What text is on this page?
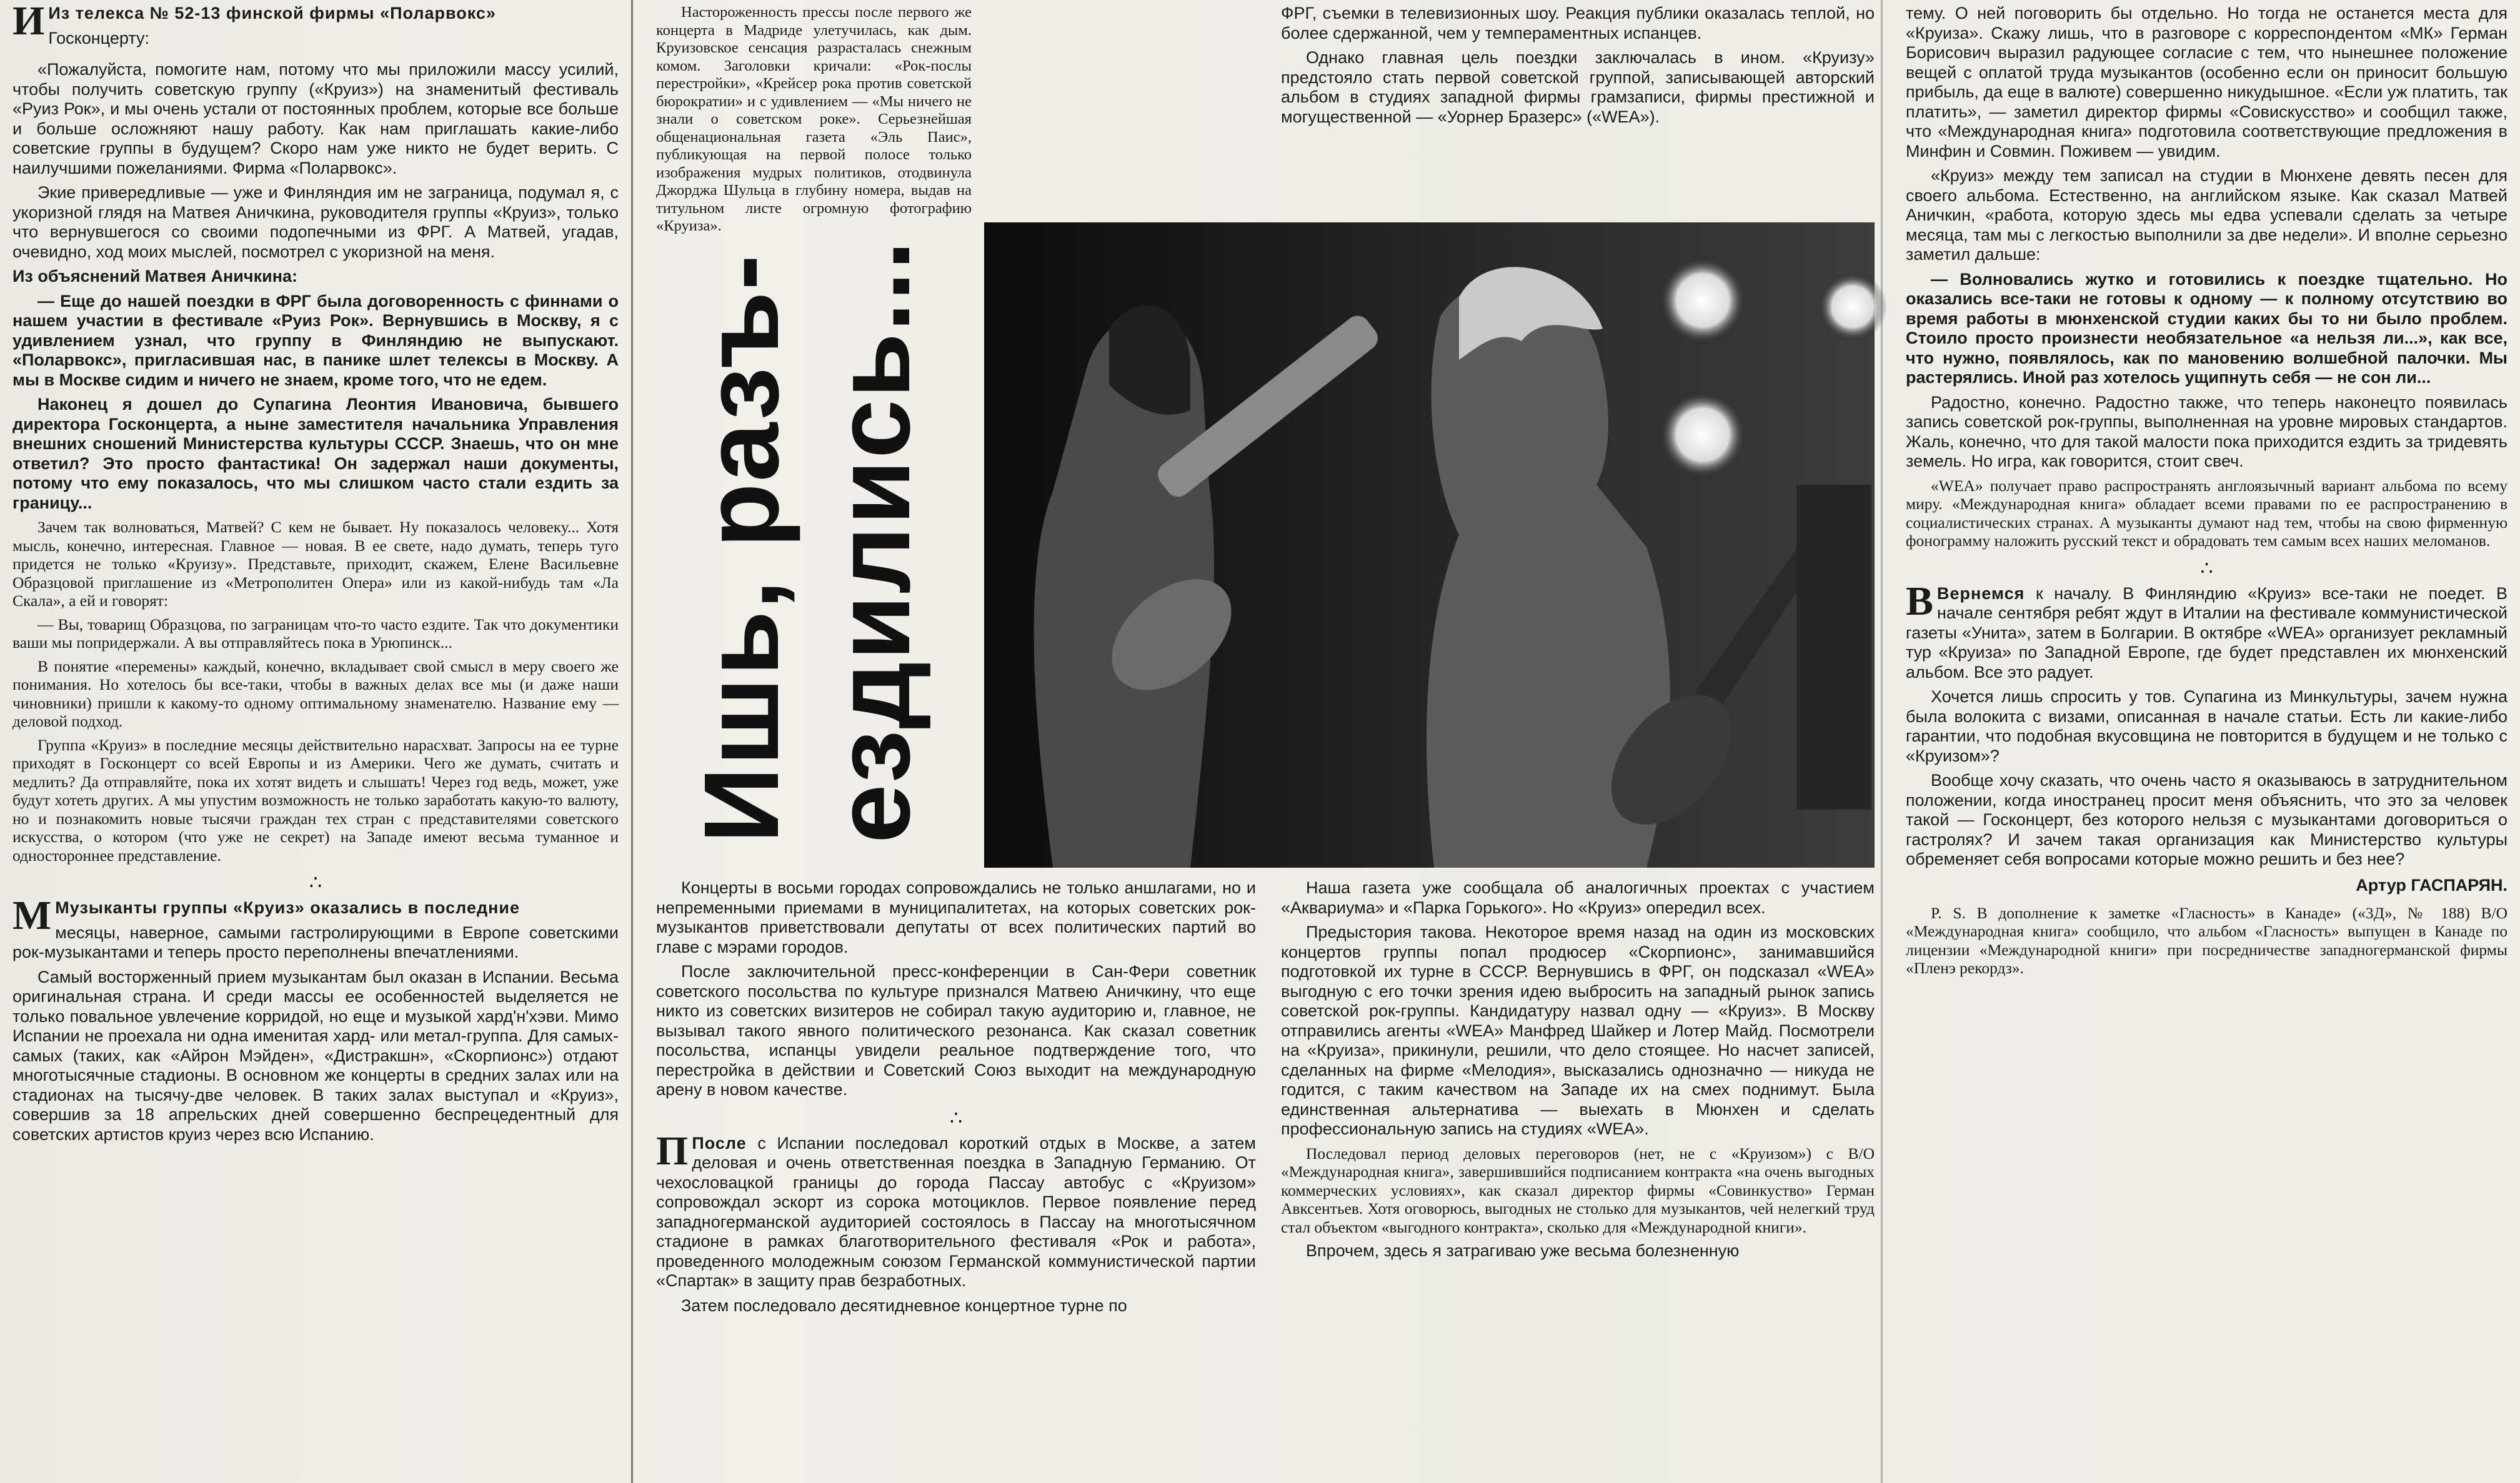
И Из телекса № 52-13 финской фирмы «Поларвокс»

Госконцерту:

«Пожалуйста, помогите нам, потому что мы приложили массу усилий, чтобы получить советскую группу («Круиз») на знаменитый фестиваль «Руиз Рок», и мы очень устали от постоянных проблем, которые все больше и больше осложняют нашу работу. Как нам приглашать какие-либо советские группы в будущем? Скоро нам уже никто не будет верить. С наилучшими пожеланиями. Фирма «Поларвокс».

Экие привередливые — уже и Финляндия им не заграница, подумал я, с укоризной глядя на Матвея Аничкина, руководителя группы «Круиз», только что вернувшегося со своими подопечными из ФРГ. А Матвей, угадав, очевидно, ход моих мыслей, посмотрел с укоризной на меня.

Из объяснений Матвея Аничкина:

— Еще до нашей поездки в ФРГ была договоренность с финнами о нашем участии в фестивале «Руиз Рок». Вернувшись в Москву, я с удивлением узнал, что группу в Финляндию не выпускают. «Поларвокс», пригласившая нас, в панике шлет телексы в Москву. А мы в Москве сидим и ничего не знаем, кроме того, что не едем.

Наконец я дошел до Супагина Леонтия Ивановича, бывшего директора Госконцерта, а ныне заместителя начальника Управления внешних сношений Министерства культуры СССР. Знаешь, что он мне ответил? Это просто фантастика! Он задержал наши документы, потому что ему показалось, что мы слишком часто стали ездить за границу...

Зачем так волноваться, Матвей? С кем не бывает. Ну показалось человеку... Хотя мысль, конечно, интересная. Главное — новая. В ее свете, надо думать, теперь туго придется не только «Круизу». Представьте, приходит, скажем, Елене Васильевне Образцовой приглашение из «Метрополитен Опера» или из какой-нибудь там «Ла Скала», а ей и говорят:

— Вы, товарищ Образцова, по заграницам что-то часто ездите. Так что документики ваши мы попридержали. А вы отправляйтесь пока в Урюпинск...

В понятие «перемены» каждый, конечно, вкладывает свой смысл в меру своего же понимания. Но хотелось бы все-таки, чтобы в важных делах все мы (и даже наши чиновники) пришли к какому-то одному оптимальному знаменателю. Название ему — деловой подход.

Группа «Круиз» в последние месяцы действительно нарасхват. Запросы на ее турне приходят в Госконцерт со всей Европы и из Америки. Чего же думать, считать и медлить? Да отправляйте, пока их хотят видеть и слышать! Через год ведь, может, уже будут хотеть других. А мы упустим возможность не только заработать какую-то валюту, но и познакомить новые тысячи граждан тех стран с представителями советского искусства, о котором (что уже не секрет) на Западе имеют весьма туманное и одностороннее представление.

∴
М Музыканты группы «Круиз» оказались в последние

месяцы, наверное, самыми гастролирующими в Европе советскими рок-музыкантами и теперь просто переполнены впечатлениями.

Самый восторженный прием музыкантам был оказан в Испании. Весьма оригинальная страна. И среди массы ее особенностей выделяется не только повальное увлечение корридой, но еще и музыкой хард'н'хэви. Мимо Испании не проехала ни одна именитая хард- или метал-группа. Для самых-самых (таких, как «Айрон Мэйден», «Дистракшн», «Скорпионс») отдают многотысячные стадионы. В основном же концерты в средних залах или на стадионах на тысячу-две человек. В таких залах выступал и «Круиз», совершив за 18 апрельских дней совершенно беспрецедентный для советских артистов круиз через всю Испанию.

Настороженность прессы после первого же концерта в Мадриде улетучилась, как дым. Круизовское сенсация разрасталась снежным комом. Заголовки кричали: «Рок-послы перестройки», «Крейсер рока против советской бюрократии» и с удивлением — «Мы ничего не знали о советском роке». Серьезнейшая общенациональная газета «Эль Паис», публикующая на первой полосе только изображения мудрых политиков, отодвинула Джорджа Шульца в глубину номера, выдав на титульном листе огромную фотографию «Круиза».

ФРГ, съемки в телевизионных шоу. Реакция публики оказалась теплой, но более сдержанной, чем у темпераментных испанцев.

Однако главная цель поездки заключалась в ином. «Круизу» предстояло стать первой советской группой, записывающей авторский альбом в студиях западной фирмы грамзаписи, фирмы престижной и могущественной — «Уорнер Бразерс» («WEA»).

Ишь, разъ- ездились...

Концерты в восьми городах сопровождались не только аншлагами, но и непременными приемами в муниципалитетах, на которых советских рок-музыкантов приветствовали депутаты от всех политических партий во главе с мэрами городов.

После заключительной пресс-конференции в Сан-Фери советник советского посольства по культуре признался Матвею Аничкину, что еще никто из советских визитеров не собирал такую аудиторию и, главное, не вызывал такого явного политического резонанса. Как сказал советник посольства, испанцы увидели реальное подтверждение того, что перестройка в действии и Советский Союз выходит на международную арену в новом качестве.

∴
П После с Испании последовал короткий отдых в Москве, а затем деловая и очень ответственная поездка в Западную Германию. От чехословацкой границы до города Пассау автобус с «Круизом» сопровождал эскорт из сорока мотоциклов. Первое появление перед западногерманской аудиторией состоялось в Пассау на многотысячном стадионе в рамках благотворительного фестиваля «Рок и работа», проведенного молодежным союзом Германской коммунистической партии «Спартак» в защиту прав безработных.

Затем последовало десятидневное концертное турне по

Наша газета уже сообщала об аналогичных проектах с участием «Аквариума» и «Парка Горького». Но «Круиз» опередил всех.

Предыстория такова. Некоторое время назад на один из московских концертов группы попал продюсер «Скорпионс», занимавшийся подготовкой их турне в СССР. Вернувшись в ФРГ, он подсказал «WEA» выгодную с его точки зрения идею выбросить на западный рынок запись советской рок-группы. Кандидатуру назвал одну — «Круиз». В Москву отправились агенты «WEA» Манфред Шайкер и Лотер Майд. Посмотрели на «Круиза», прикинули, решили, что дело стоящее. Но насчет записей, сделанных на фирме «Мелодия», высказались однозначно — никуда не годится, с таким качеством на Западе их на смех поднимут. Была единственная альтернатива — выехать в Мюнхен и сделать профессиональную запись на студиях «WEA».

Последовал период деловых переговоров (нет, не с «Круизом») с В/О «Международная книга», завершившийся подписанием контракта «на очень выгодных коммерческих условиях», как сказал директор фирмы «Совинкуство» Герман Авксентьев. Хотя оговорюсь, выгодных не столько для музыкантов, чей нелегкий труд стал объектом «выгодного контракта», сколько для «Международной книги».

Впрочем, здесь я затрагиваю уже весьма болезненную

тему. О ней поговорить бы отдельно. Но тогда не останется места для «Круиза». Скажу лишь, что в разговоре с корреспондентом «МК» Герман Борисович выразил радующее согласие с тем, что нынешнее положение вещей с оплатой труда музыкантов (особенно если он приносит большую прибыль, да еще в валюте) совершенно никудышное. «Если уж платить, так платить», — заметил директор фирмы «Совискусство» и сообщил также, что «Международная книга» подготовила соответствующие предложения в Минфин и Совмин. Поживем — увидим.

«Круиз» между тем записал на студии в Мюнхене девять песен для своего альбома. Естественно, на английском языке. Как сказал Матвей Аничкин, «работа, которую здесь мы едва успевали сделать за четыре месяца, там мы с легкостью выполнили за две недели». И вполне серьезно заметил дальше:

— Волновались жутко и готовились к поездке тщательно. Но оказались все-таки не готовы к одному — к полному отсутствию во время работы в мюнхенской студии каких бы то ни было проблем. Стоило просто произнести необязательное «а нельзя ли...», как все, что нужно, появлялось, как по мановению волшебной палочки. Мы растерялись. Иной раз хотелось ущипнуть себя — не сон ли...

Радостно, конечно. Радостно также, что теперь наконецто появилась запись советской рок-группы, выполненная на уровне мировых стандартов. Жаль, конечно, что для такой малости пока приходится ездить за тридевять земель. Но игра, как говорится, стоит свеч.

«WEA» получает право распространять англоязычный вариант альбома по всему миру. «Международная книга» обладает всеми правами по ее распространению в социалистических странах. А музыканты думают над тем, чтобы на свою фирменную фонограмму наложить русский текст и обрадовать тем самым всех наших меломанов.

∴
В Вернемся к началу. В Финляндию «Круиз» все-таки не поедет. В начале сентября ребят ждут в Италии на фестивале коммунистической газеты «Унита», затем в Болгарии. В октябре «WEA» организует рекламный тур «Круиза» по Западной Европе, где будет представлен их мюнхенский альбом. Все это радует.

Хочется лишь спросить у тов. Супагина из Минкультуры, зачем нужна была волокита с визами, описанная в начале статьи. Есть ли какие-либо гарантии, что подобная вкусовщина не повторится в будущем и не только с «Круизом»?

Вообще хочу сказать, что очень часто я оказываюсь в затруднительном положении, когда иностранец просит меня объяснить, что это за человек такой — Госконцерт, без которого нельзя с музыкантами договориться о гастролях? И зачем такая организация как Министерство культуры обременяет себя вопросами которые можно решить и без нее?

Артур ГАСПАРЯН.

P. S. В дополнение к заметке «Гласность» в Канаде» («3Д», № 188) В/О «Международная книга» сообщило, что альбом «Гласность» выпущен в Канаде по лицензии «Международной книги» при посредничестве западногерманской фирмы «Пленэ рекордз».
